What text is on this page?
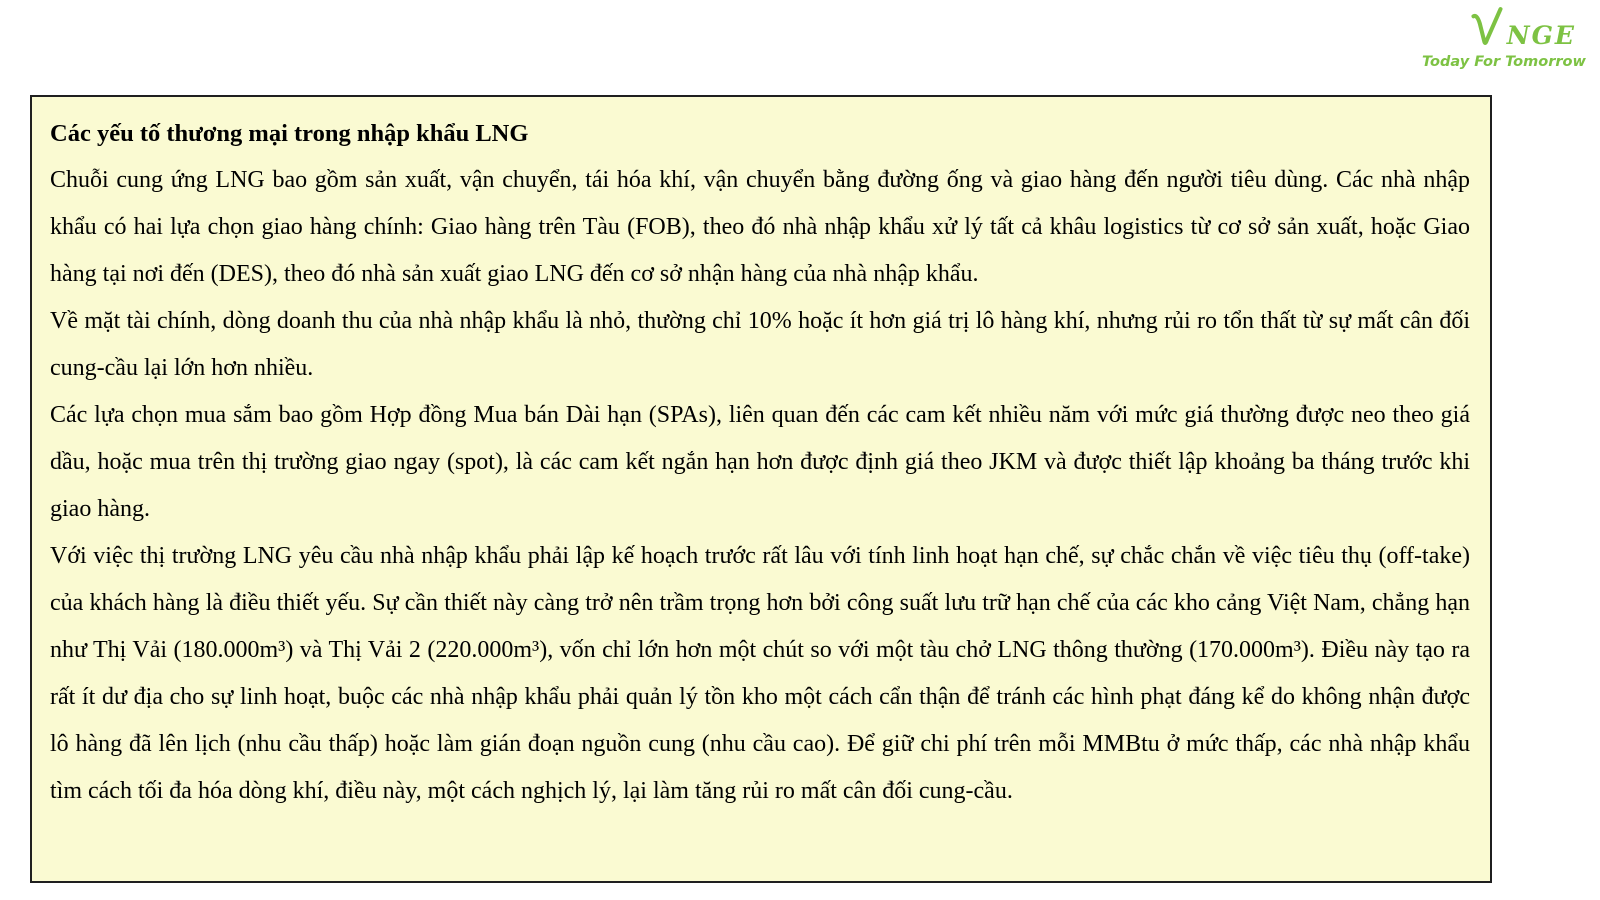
NGE
Today For Tomorrow
Các yếu tố thương mại trong nhập khẩu LNG

Chuỗi cung ứng LNG bao gồm sản xuất, vận chuyển, tái hóa khí, vận chuyển bằng đường ống và giao hàng đến người tiêu dùng. Các nhà nhập khẩu có hai lựa chọn giao hàng chính: Giao hàng trên Tàu (FOB), theo đó nhà nhập khẩu xử lý tất cả khâu logistics từ cơ sở sản xuất, hoặc Giao hàng tại nơi đến (DES), theo đó nhà sản xuất giao LNG đến cơ sở nhận hàng của nhà nhập khẩu.

Về mặt tài chính, dòng doanh thu của nhà nhập khẩu là nhỏ, thường chỉ 10% hoặc ít hơn giá trị lô hàng khí, nhưng rủi ro tổn thất từ sự mất cân đối cung-cầu lại lớn hơn nhiều.

Các lựa chọn mua sắm bao gồm Hợp đồng Mua bán Dài hạn (SPAs), liên quan đến các cam kết nhiều năm với mức giá thường được neo theo giá dầu, hoặc mua trên thị trường giao ngay (spot), là các cam kết ngắn hạn hơn được định giá theo JKM và được thiết lập khoảng ba tháng trước khi giao hàng.

Với việc thị trường LNG yêu cầu nhà nhập khẩu phải lập kế hoạch trước rất lâu với tính linh hoạt hạn chế, sự chắc chắn về việc tiêu thụ (off-take) của khách hàng là điều thiết yếu. Sự cần thiết này càng trở nên trầm trọng hơn bởi công suất lưu trữ hạn chế của các kho cảng Việt Nam, chẳng hạn như Thị Vải (180.000m³) và Thị Vải 2 (220.000m³), vốn chỉ lớn hơn một chút so với một tàu chở LNG thông thường (170.000m³). Điều này tạo ra rất ít dư địa cho sự linh hoạt, buộc các nhà nhập khẩu phải quản lý tồn kho một cách cẩn thận để tránh các hình phạt đáng kể do không nhận được lô hàng đã lên lịch (nhu cầu thấp) hoặc làm gián đoạn nguồn cung (nhu cầu cao). Để giữ chi phí trên mỗi MMBtu ở mức thấp, các nhà nhập khẩu tìm cách tối đa hóa dòng khí, điều này, một cách nghịch lý, lại làm tăng rủi ro mất cân đối cung-cầu.
